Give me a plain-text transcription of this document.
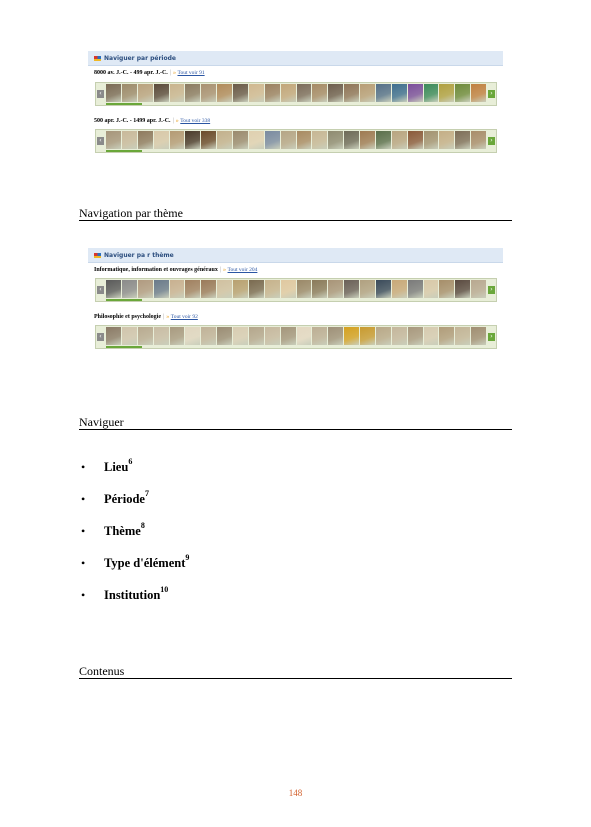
Naviguer par période
8000 av. J.-C. - 499 apr. J.-C. | » Tout voir 91
‹	›
500 apr. J.-C. - 1499 apr. J.-C. | » Tout voir 338
‹	›
Navigation par thème
Naviguer pa r thème
Informatique, information et ouvrages généraux | » Tout voir 204
‹	›
Philosophie et psychologie | » Tout voir 92
‹	›
Naviguer
• Lieu$^6$
• Période$^7$
• Thème$^8$
• Type d'élément$^9$
• Institution$^{10}$
Contenus
148
